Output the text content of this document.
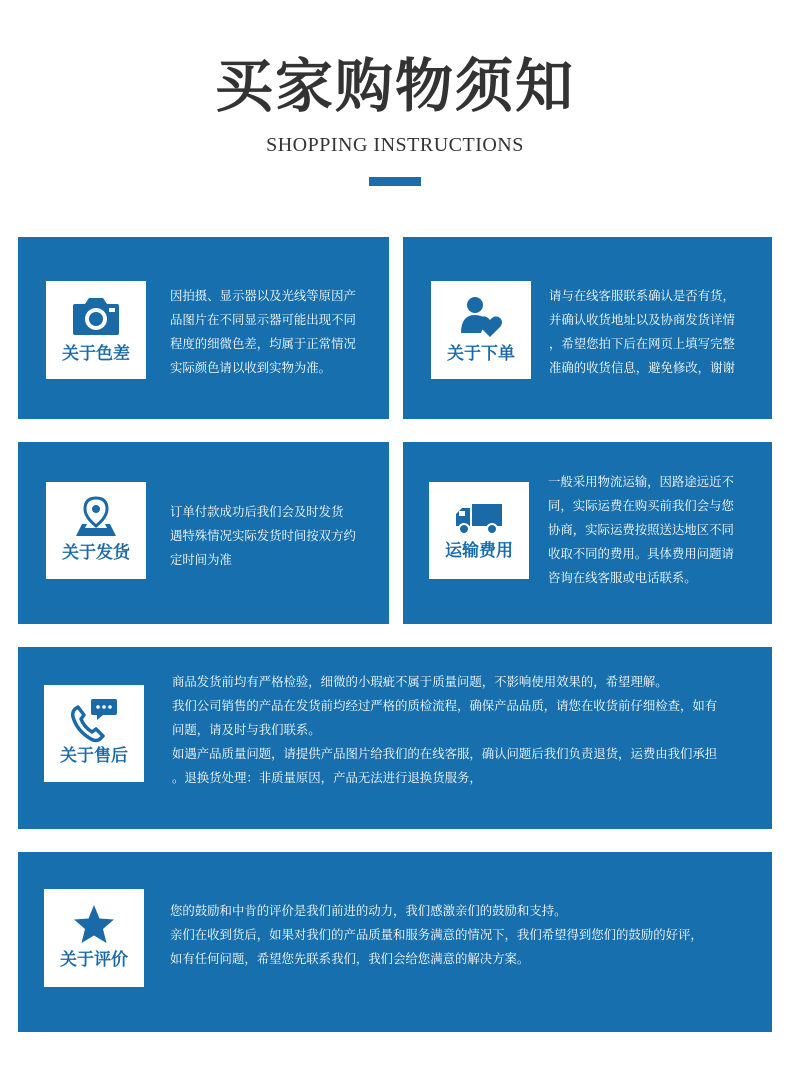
买家购物须知
SHOPPING INSTRUCTIONS
关于色差

因拍摄、显示器以及光线等原因产

品图片在不同显示器可能出现不同

程度的细微色差，均属于正常情况

实际颜色请以收到实物为准。

关于下单

请与在线客服联系确认是否有货，

并确认收货地址以及协商发货详情

，希望您拍下后在网页上填写完整

准确的收货信息，避免修改，谢谢

关于发货

订单付款成功后我们会及时发货

遇特殊情况实际发货时间按双方约

定时间为准	运输费用

一般采用物流运输，因路途远近不

同，实际运费在购买前我们会与您

协商，实际运费按照送达地区不同

收取不同的费用。具体费用问题请

咨询在线客服或电话联系。

关于售后

商品发货前均有严格检验，细微的小瑕疵不属于质量问题，不影响使用效果的，希望理解。

我们公司销售的产品在发货前均经过严格的质检流程，确保产品品质，请您在收货前仔细检查，如有

问题，请及时与我们联系。

如遇产品质量问题，请提供产品图片给我们的在线客服，确认问题后我们负责退货，运费由我们承担

。退换货处理：非质量原因，产品无法进行退换货服务，

关于评价

您的鼓励和中肯的评价是我们前进的动力，我们感激亲们的鼓励和支持。

亲们在收到货后，如果对我们的产品质量和服务满意的情况下，我们希望得到您们的鼓励的好评，

如有任何问题，希望您先联系我们，我们会给您满意的解决方案。
